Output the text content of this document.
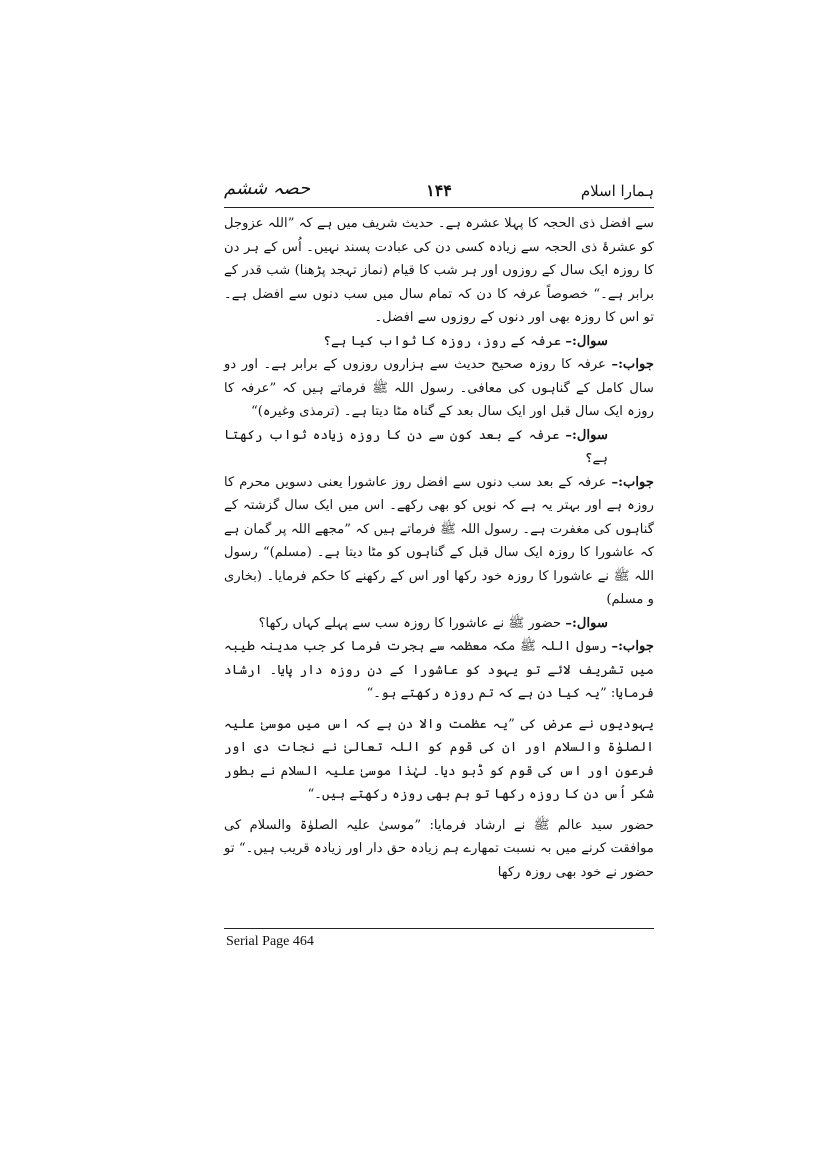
ہمارا اسلام
۱۴۴
حصہ ششم

سے افضل ذی الحجہ کا پہلا عشرہ ہے۔ حدیث شریف میں ہے کہ ”اللہ عزوجل کو عشرۂ ذی الحجہ سے زیادہ کسی دن کی عبادت پسند نہیں۔ اُس کے ہر دن کا روزہ ایک سال کے روزوں اور ہر شب کا قیام (نماز تہجد پڑھنا) شب قدر کے برابر ہے۔“ خصوصاً عرفہ کا دن کہ تمام سال میں سب دنوں سے افضل ہے۔ تو اس کا روزہ بھی اور دنوں کے روزوں سے افضل۔

سوال:– عرفہ کے روز، روزہ کا ثواب کیا ہے؟

جواب:– عرفہ کا روزہ صحیح حدیث سے ہزاروں روزوں کے برابر ہے۔ اور دو سال کامل کے گناہوں کی معافی۔ رسول اللہ ﷺ فرماتے ہیں کہ ”عرفہ کا روزہ ایک سال قبل اور ایک سال بعد کے گناہ مٹا دیتا ہے۔ (ترمذی وغیرہ)“

سوال:– عرفہ کے بعد کون سے دن کا روزہ زیادہ ثواب رکھتا ہے؟

جواب:– عرفہ کے بعد سب دنوں سے افضل روز عاشورا یعنی دسویں محرم کا روزہ ہے اور بہتر یہ ہے کہ نویں کو بھی رکھے۔ اس میں ایک سال گزشتہ کے گناہوں کی مغفرت ہے۔ رسول اللہ ﷺ فرماتے ہیں کہ ”مجھے اللہ پر گمان ہے کہ عاشورا کا روزہ ایک سال قبل کے گناہوں کو مٹا دیتا ہے۔ (مسلم)“ رسول اللہ ﷺ نے عاشورا کا روزہ خود رکھا اور اس کے رکھنے کا حکم فرمایا۔ (بخاری و مسلم)

سوال:– حضور ﷺ نے عاشورا کا روزہ سب سے پہلے کہاں رکھا؟

جواب:– رسول اللہ ﷺ مکہ معظمہ سے ہجرت فرما کر جب مدینہ طیبہ میں تشریف لائے تو یہود کو عاشورا کے دن روزہ دار پایا۔ ارشاد فرمایا: ”یہ کیا دن ہے کہ تم روزہ رکھتے ہو۔“

یہودیوں نے عرض کی ”یہ عظمت والا دن ہے کہ اس میں موسیٰ علیہ الصلوٰۃ والسلام اور ان کی قوم کو اللہ تعالیٰ نے نجات دی اور فرعون اور اس کی قوم کو ڈبو دیا۔ لہٰذا موسیٰ علیہ السلام نے بطور شکر اُس دن کا روزہ رکھا تو ہم بھی روزہ رکھتے ہیں۔“

حضور سید عالم ﷺ نے ارشاد فرمایا: ”موسیٰ علیہ الصلوٰۃ والسلام کی موافقت کرنے میں بہ نسبت تمھارے ہم زیادہ حق دار اور زیادہ قریب ہیں۔“ تو حضور نے خود بھی روزہ رکھا

Serial Page 464
